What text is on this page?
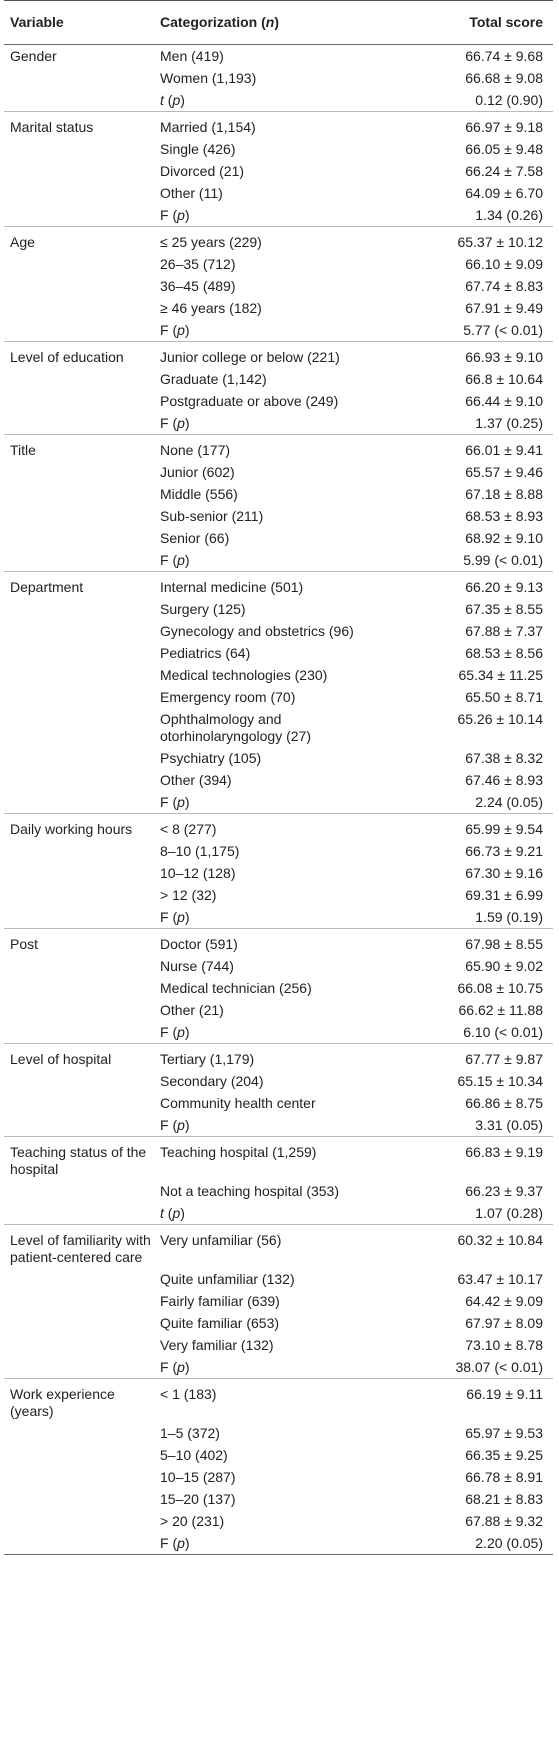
Variable	Categorization (n)	Total score
Gender	Men (419)	66.74 ± 9.68
	Women (1,193)	66.68 ± 9.08
	t (p)	0.12 (0.90)
Marital status	Married (1,154)	66.97 ± 9.18
	Single (426)	66.05 ± 9.48
	Divorced (21)	66.24 ± 7.58
	Other (11)	64.09 ± 6.70
	F (p)	1.34 (0.26)
Age	≤ 25 years (229)	65.37 ± 10.12
	26–35 (712)	66.10 ± 9.09
	36–45 (489)	67.74 ± 8.83
	≥ 46 years (182)	67.91 ± 9.49
	F (p)	5.77 (< 0.01)
Level of education	Junior college or below (221)	66.93 ± 9.10
	Graduate (1,142)	66.8 ± 10.64
	Postgraduate or above (249)	66.44 ± 9.10
	F (p)	1.37 (0.25)
Title	None (177)	66.01 ± 9.41
	Junior (602)	65.57 ± 9.46
	Middle (556)	67.18 ± 8.88
	Sub-senior (211)	68.53 ± 8.93
	Senior (66)	68.92 ± 9.10
	F (p)	5.99 (< 0.01)
Department	Internal medicine (501)	66.20 ± 9.13
	Surgery (125)	67.35 ± 8.55
	Gynecology and obstetrics (96)	67.88 ± 7.37
	Pediatrics (64)	68.53 ± 8.56
	Medical technologies (230)	65.34 ± 11.25
	Emergency room (70)	65.50 ± 8.71
	Ophthalmology and otorhinolaryngology (27)	65.26 ± 10.14
	Psychiatry (105)	67.38 ± 8.32
	Other (394)	67.46 ± 8.93
	F (p)	2.24 (0.05)
Daily working hours	< 8 (277)	65.99 ± 9.54
	8–10 (1,175)	66.73 ± 9.21
	10–12 (128)	67.30 ± 9.16
	> 12 (32)	69.31 ± 6.99
	F (p)	1.59 (0.19)
Post	Doctor (591)	67.98 ± 8.55
	Nurse (744)	65.90 ± 9.02
	Medical technician (256)	66.08 ± 10.75
	Other (21)	66.62 ± 11.88
	F (p)	6.10 (< 0.01)
Level of hospital	Tertiary (1,179)	67.77 ± 9.87
	Secondary (204)	65.15 ± 10.34
	Community health center	66.86 ± 8.75
	F (p)	3.31 (0.05)
Teaching status of the hospital	Teaching hospital (1,259)	66.83 ± 9.19
	Not a teaching hospital (353)	66.23 ± 9.37
	t (p)	1.07 (0.28)
Level of familiarity with patient-centered care	Very unfamiliar (56)	60.32 ± 10.84
	Quite unfamiliar (132)	63.47 ± 10.17
	Fairly familiar (639)	64.42 ± 9.09
	Quite familiar (653)	67.97 ± 8.09
	Very familiar (132)	73.10 ± 8.78
	F (p)	38.07 (< 0.01)
Work experience (years)	< 1 (183)	66.19 ± 9.11
	1–5 (372)	65.97 ± 9.53
	5–10 (402)	66.35 ± 9.25
	10–15 (287)	66.78 ± 8.91
	15–20 (137)	68.21 ± 8.83
	> 20 (231)	67.88 ± 9.32
	F (p)	2.20 (0.05)
